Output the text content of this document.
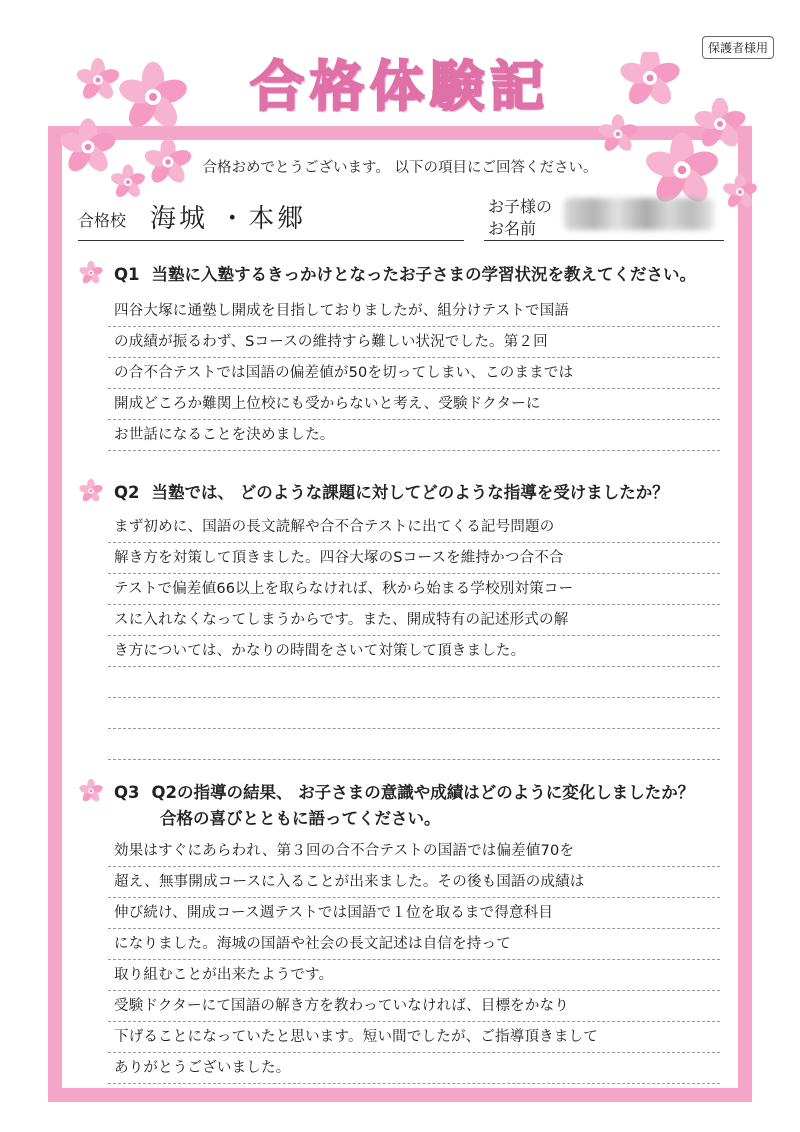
保護者様用
合格体験記
合格おめでとうございます。 以下の項目にご回答ください。
合格校 海城 ・本郷	お子様の
お名前
Q1 当塾に入塾するきっかけとなったお子さまの学習状況を教えてください。
四谷大塚に通塾し開成を目指しておりましたが、組分けテストで国語
の成績が振るわず、Sコースの維持すら難しい状況でした。第２回
の合不合テストでは国語の偏差値が50を切ってしまい、このままでは
開成どころか難関上位校にも受からないと考え、受験ドクターに
お世話になることを決めました。
Q2 当塾では、 どのような課題に対してどのような指導を受けましたか？
まず初めに、国語の長文読解や合不合テストに出てくる記号問題の
解き方を対策して頂きました。四谷大塚のSコースを維持かつ合不合
テストで偏差値66以上を取らなければ、秋から始まる学校別対策コー
スに入れなくなってしまうからです。また、開成特有の記述形式の解
き方については、かなりの時間をさいて対策して頂きました。
Q3 Q2の指導の結果、 お子さまの意識や成績はどのように変化しましたか？
合格の喜びとともに語ってください。
効果はすぐにあらわれ、第３回の合不合テストの国語では偏差値70を
超え、無事開成コースに入ることが出来ました。その後も国語の成績は
伸び続け、開成コース週テストでは国語で１位を取るまで得意科目
になりました。海城の国語や社会の長文記述は自信を持って
取り組むことが出来たようです。
受験ドクターにて国語の解き方を教わっていなければ、目標をかなり
下げることになっていたと思います。短い間でしたが、ご指導頂きまして
ありがとうございました。
